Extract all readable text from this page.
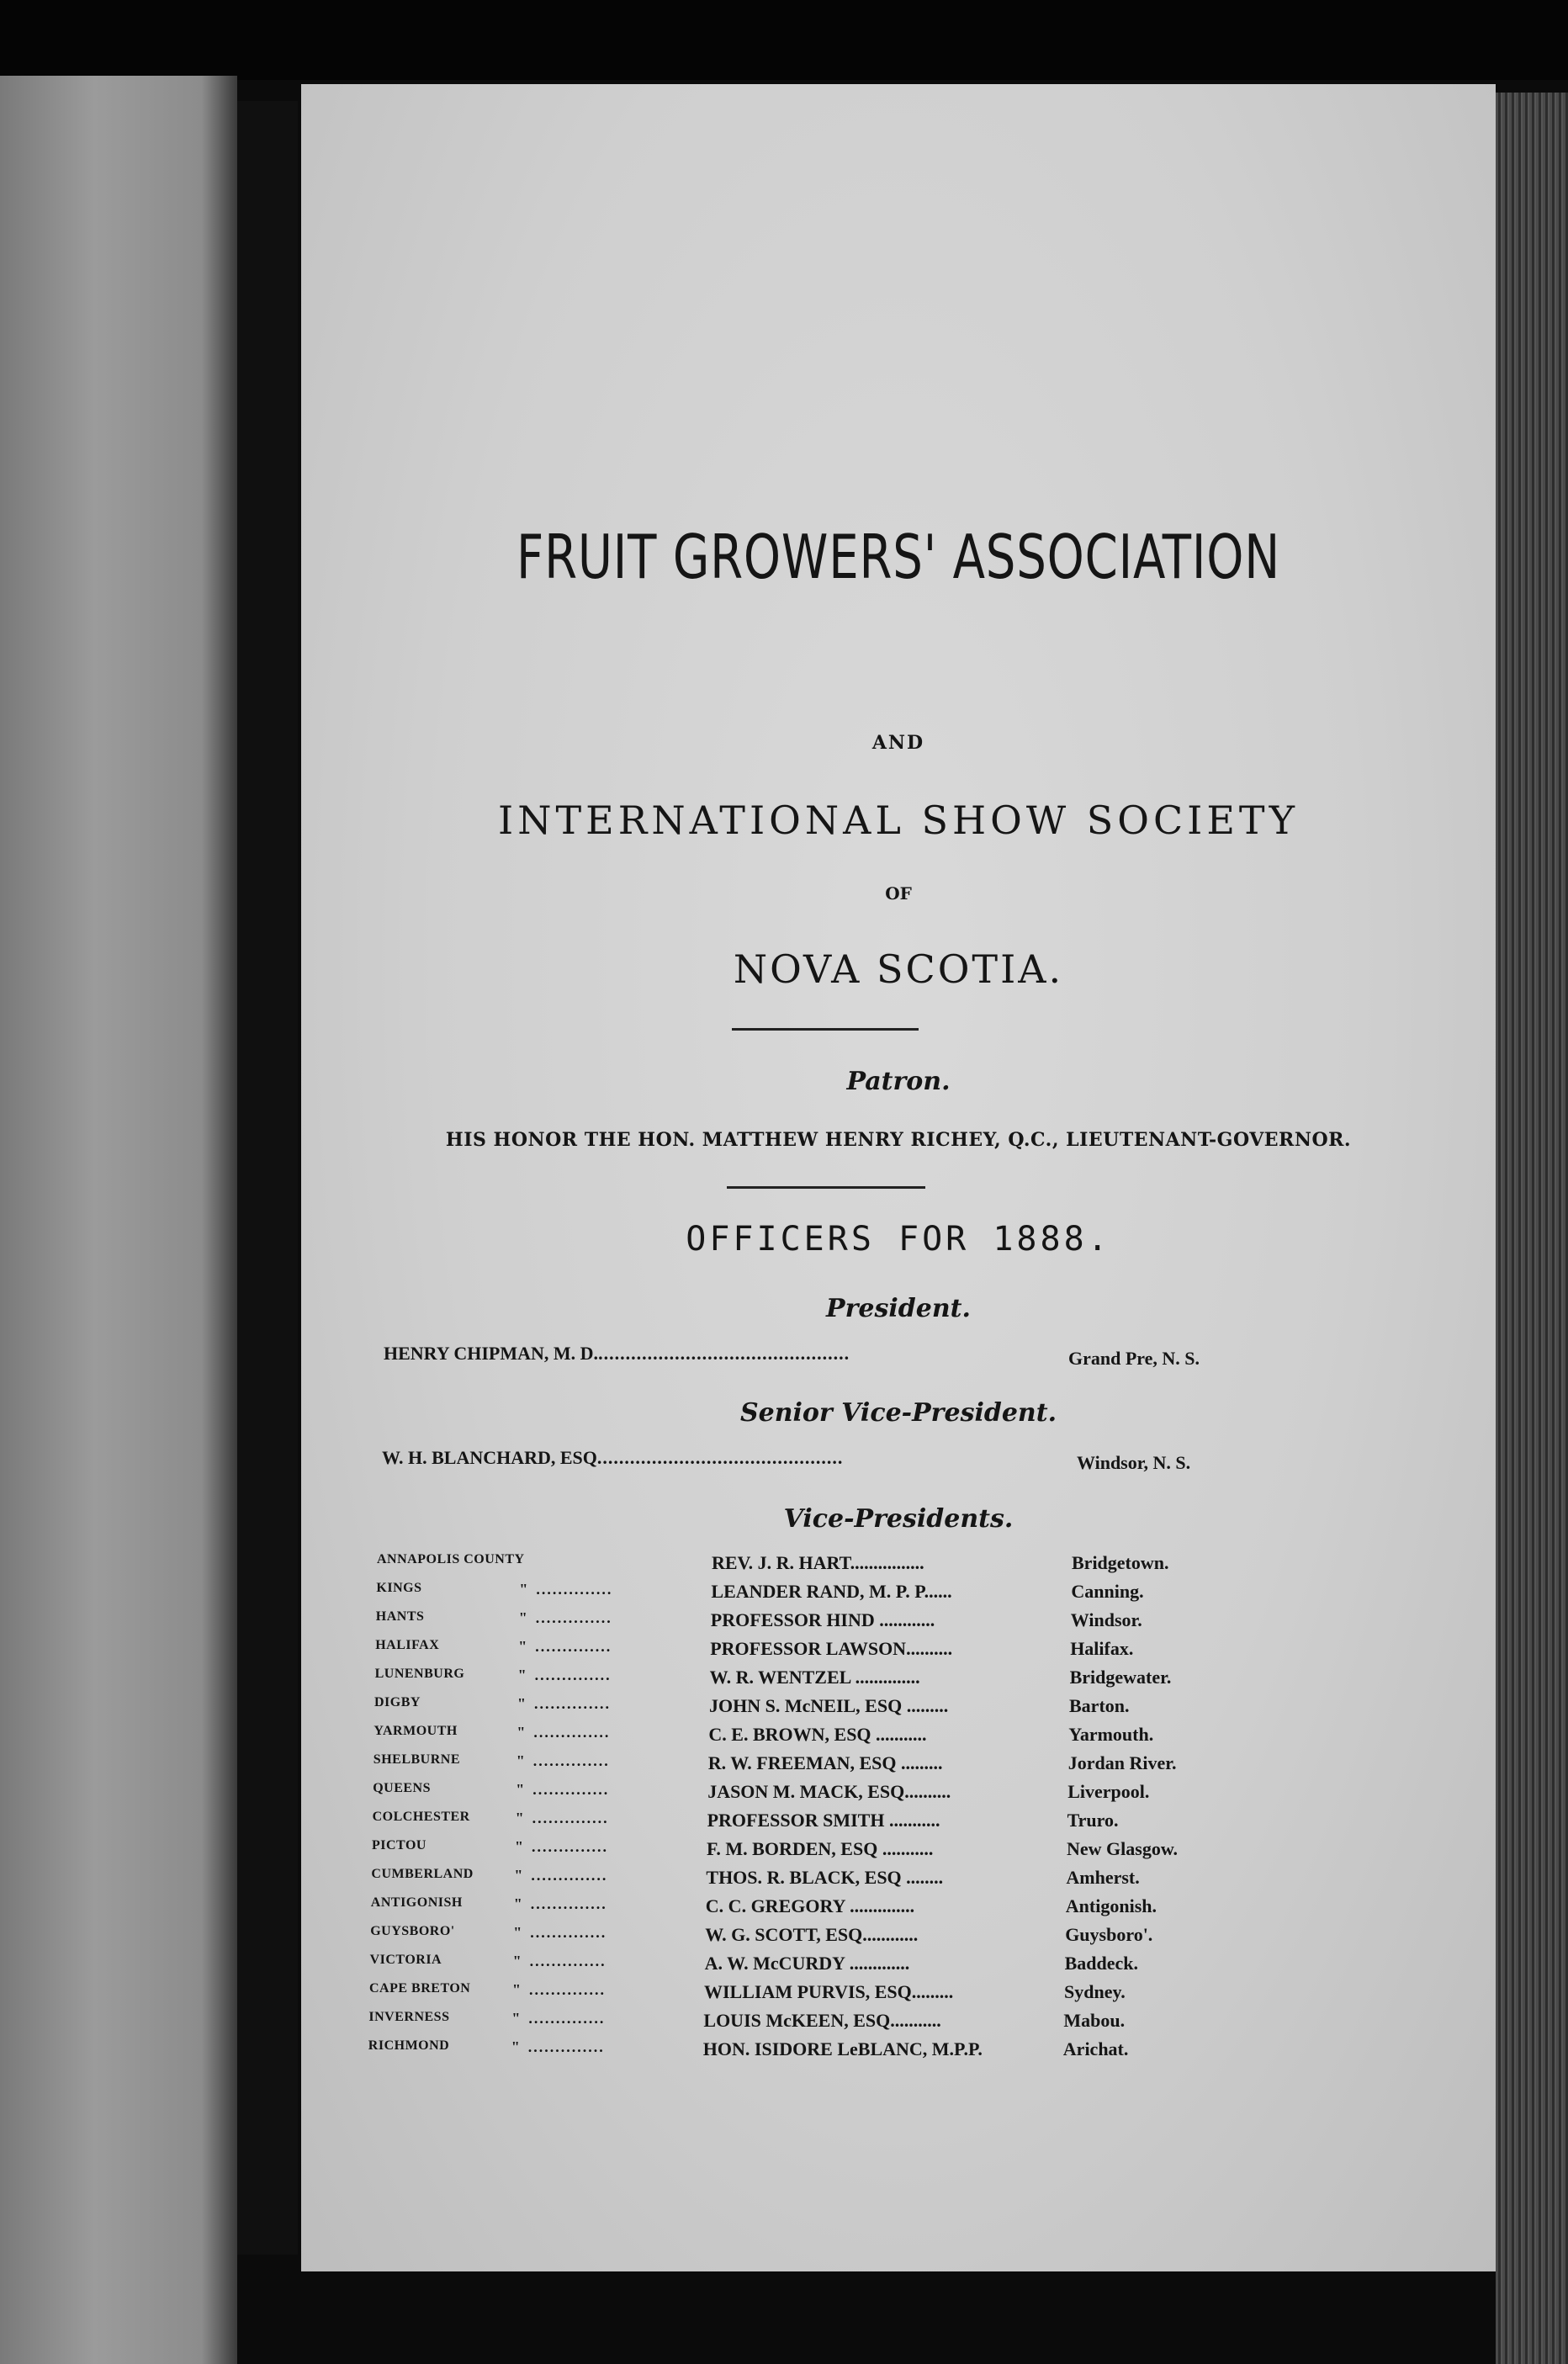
FRUIT GROWERS' ASSOCIATION
AND
INTERNATIONAL SHOW SOCIETY
OF
NOVA SCOTIA.
Patron.
HIS HONOR THE HON. MATTHEW HENRY RICHEY, Q.C., LIEUTENANT-GOVERNOR.
OFFICERS FOR 1888.
President.
HENRY CHIPMAN, M. D...............................................	Grand Pre, N. S.
Senior Vice-President.
W. H. BLANCHARD, ESQ.............................................	Windsor, N. S.
Vice-Presidents.
ANNAPOLIS COUNTY	REV. J. R. HART................	Bridgetown.
KINGS	" ..............	LEANDER RAND, M. P. P......	Canning.
HANTS	" ..............	PROFESSOR HIND ............	Windsor.
HALIFAX	" ..............	PROFESSOR LAWSON..........	Halifax.
LUNENBURG	" ..............	W. R. WENTZEL ..............	Bridgewater.
DIGBY	" ..............	JOHN S. McNEIL, ESQ .........	Barton.
YARMOUTH	" ..............	C. E. BROWN, ESQ ...........	Yarmouth.
SHELBURNE	" ..............	R. W. FREEMAN, ESQ .........	Jordan River.
QUEENS	" ..............	JASON M. MACK, ESQ..........	Liverpool.
COLCHESTER	" ..............	PROFESSOR SMITH ...........	Truro.
PICTOU	" ..............	F. M. BORDEN, ESQ ...........	New Glasgow.
CUMBERLAND	" ..............	THOS. R. BLACK, ESQ ........	Amherst.
ANTIGONISH	" ..............	C. C. GREGORY ..............	Antigonish.
GUYSBORO'	" ..............	W. G. SCOTT, ESQ............	Guysboro'.
VICTORIA	" ..............	A. W. McCURDY .............	Baddeck.
CAPE BRETON	" ..............	WILLIAM PURVIS, ESQ.........	Sydney.
INVERNESS	" ..............	LOUIS McKEEN, ESQ...........	Mabou.
RICHMOND	" ..............	HON. ISIDORE LeBLANC, M.P.P.	Arichat.
